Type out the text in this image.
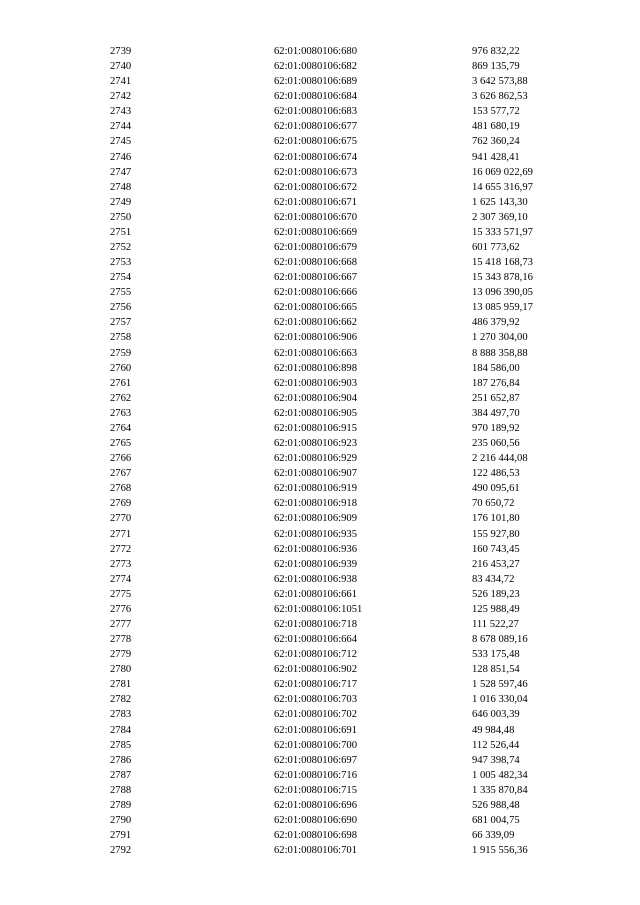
2739	62:01:0080106:680	976 832,22
2740	62:01:0080106:682	869 135,79
2741	62:01:0080106:689	3 642 573,88
2742	62:01:0080106:684	3 626 862,53
2743	62:01:0080106:683	153 577,72
2744	62:01:0080106:677	481 680,19
2745	62:01:0080106:675	762 360,24
2746	62:01:0080106:674	941 428,41
2747	62:01:0080106:673	16 069 022,69
2748	62:01:0080106:672	14 655 316,97
2749	62:01:0080106:671	1 625 143,30
2750	62:01:0080106:670	2 307 369,10
2751	62:01:0080106:669	15 333 571,97
2752	62:01:0080106:679	601 773,62
2753	62:01:0080106:668	15 418 168,73
2754	62:01:0080106:667	15 343 878,16
2755	62:01:0080106:666	13 096 390,05
2756	62:01:0080106:665	13 085 959,17
2757	62:01:0080106:662	486 379,92
2758	62:01:0080106:906	1 270 304,00
2759	62:01:0080106:663	8 888 358,88
2760	62:01:0080106:898	184 586,00
2761	62:01:0080106:903	187 276,84
2762	62:01:0080106:904	251 652,87
2763	62:01:0080106:905	384 497,70
2764	62:01:0080106:915	970 189,92
2765	62:01:0080106:923	235 060,56
2766	62:01:0080106:929	2 216 444,08
2767	62:01:0080106:907	122 486,53
2768	62:01:0080106:919	490 095,61
2769	62:01:0080106:918	70 650,72
2770	62:01:0080106:909	176 101,80
2771	62:01:0080106:935	155 927,80
2772	62:01:0080106:936	160 743,45
2773	62:01:0080106:939	216 453,27
2774	62:01:0080106:938	83 434,72
2775	62:01:0080106:661	526 189,23
2776	62:01:0080106:1051	125 988,49
2777	62:01:0080106:718	111 522,27
2778	62:01:0080106:664	8 678 089,16
2779	62:01:0080106:712	533 175,48
2780	62:01:0080106:902	128 851,54
2781	62:01:0080106:717	1 528 597,46
2782	62:01:0080106:703	1 016 330,04
2783	62:01:0080106:702	646 003,39
2784	62:01:0080106:691	49 984,48
2785	62:01:0080106:700	112 526,44
2786	62:01:0080106:697	947 398,74
2787	62:01:0080106:716	1 005 482,34
2788	62:01:0080106:715	1 335 870,84
2789	62:01:0080106:696	526 988,48
2790	62:01:0080106:690	681 004,75
2791	62:01:0080106:698	66 339,09
2792	62:01:0080106:701	1 915 556,36
